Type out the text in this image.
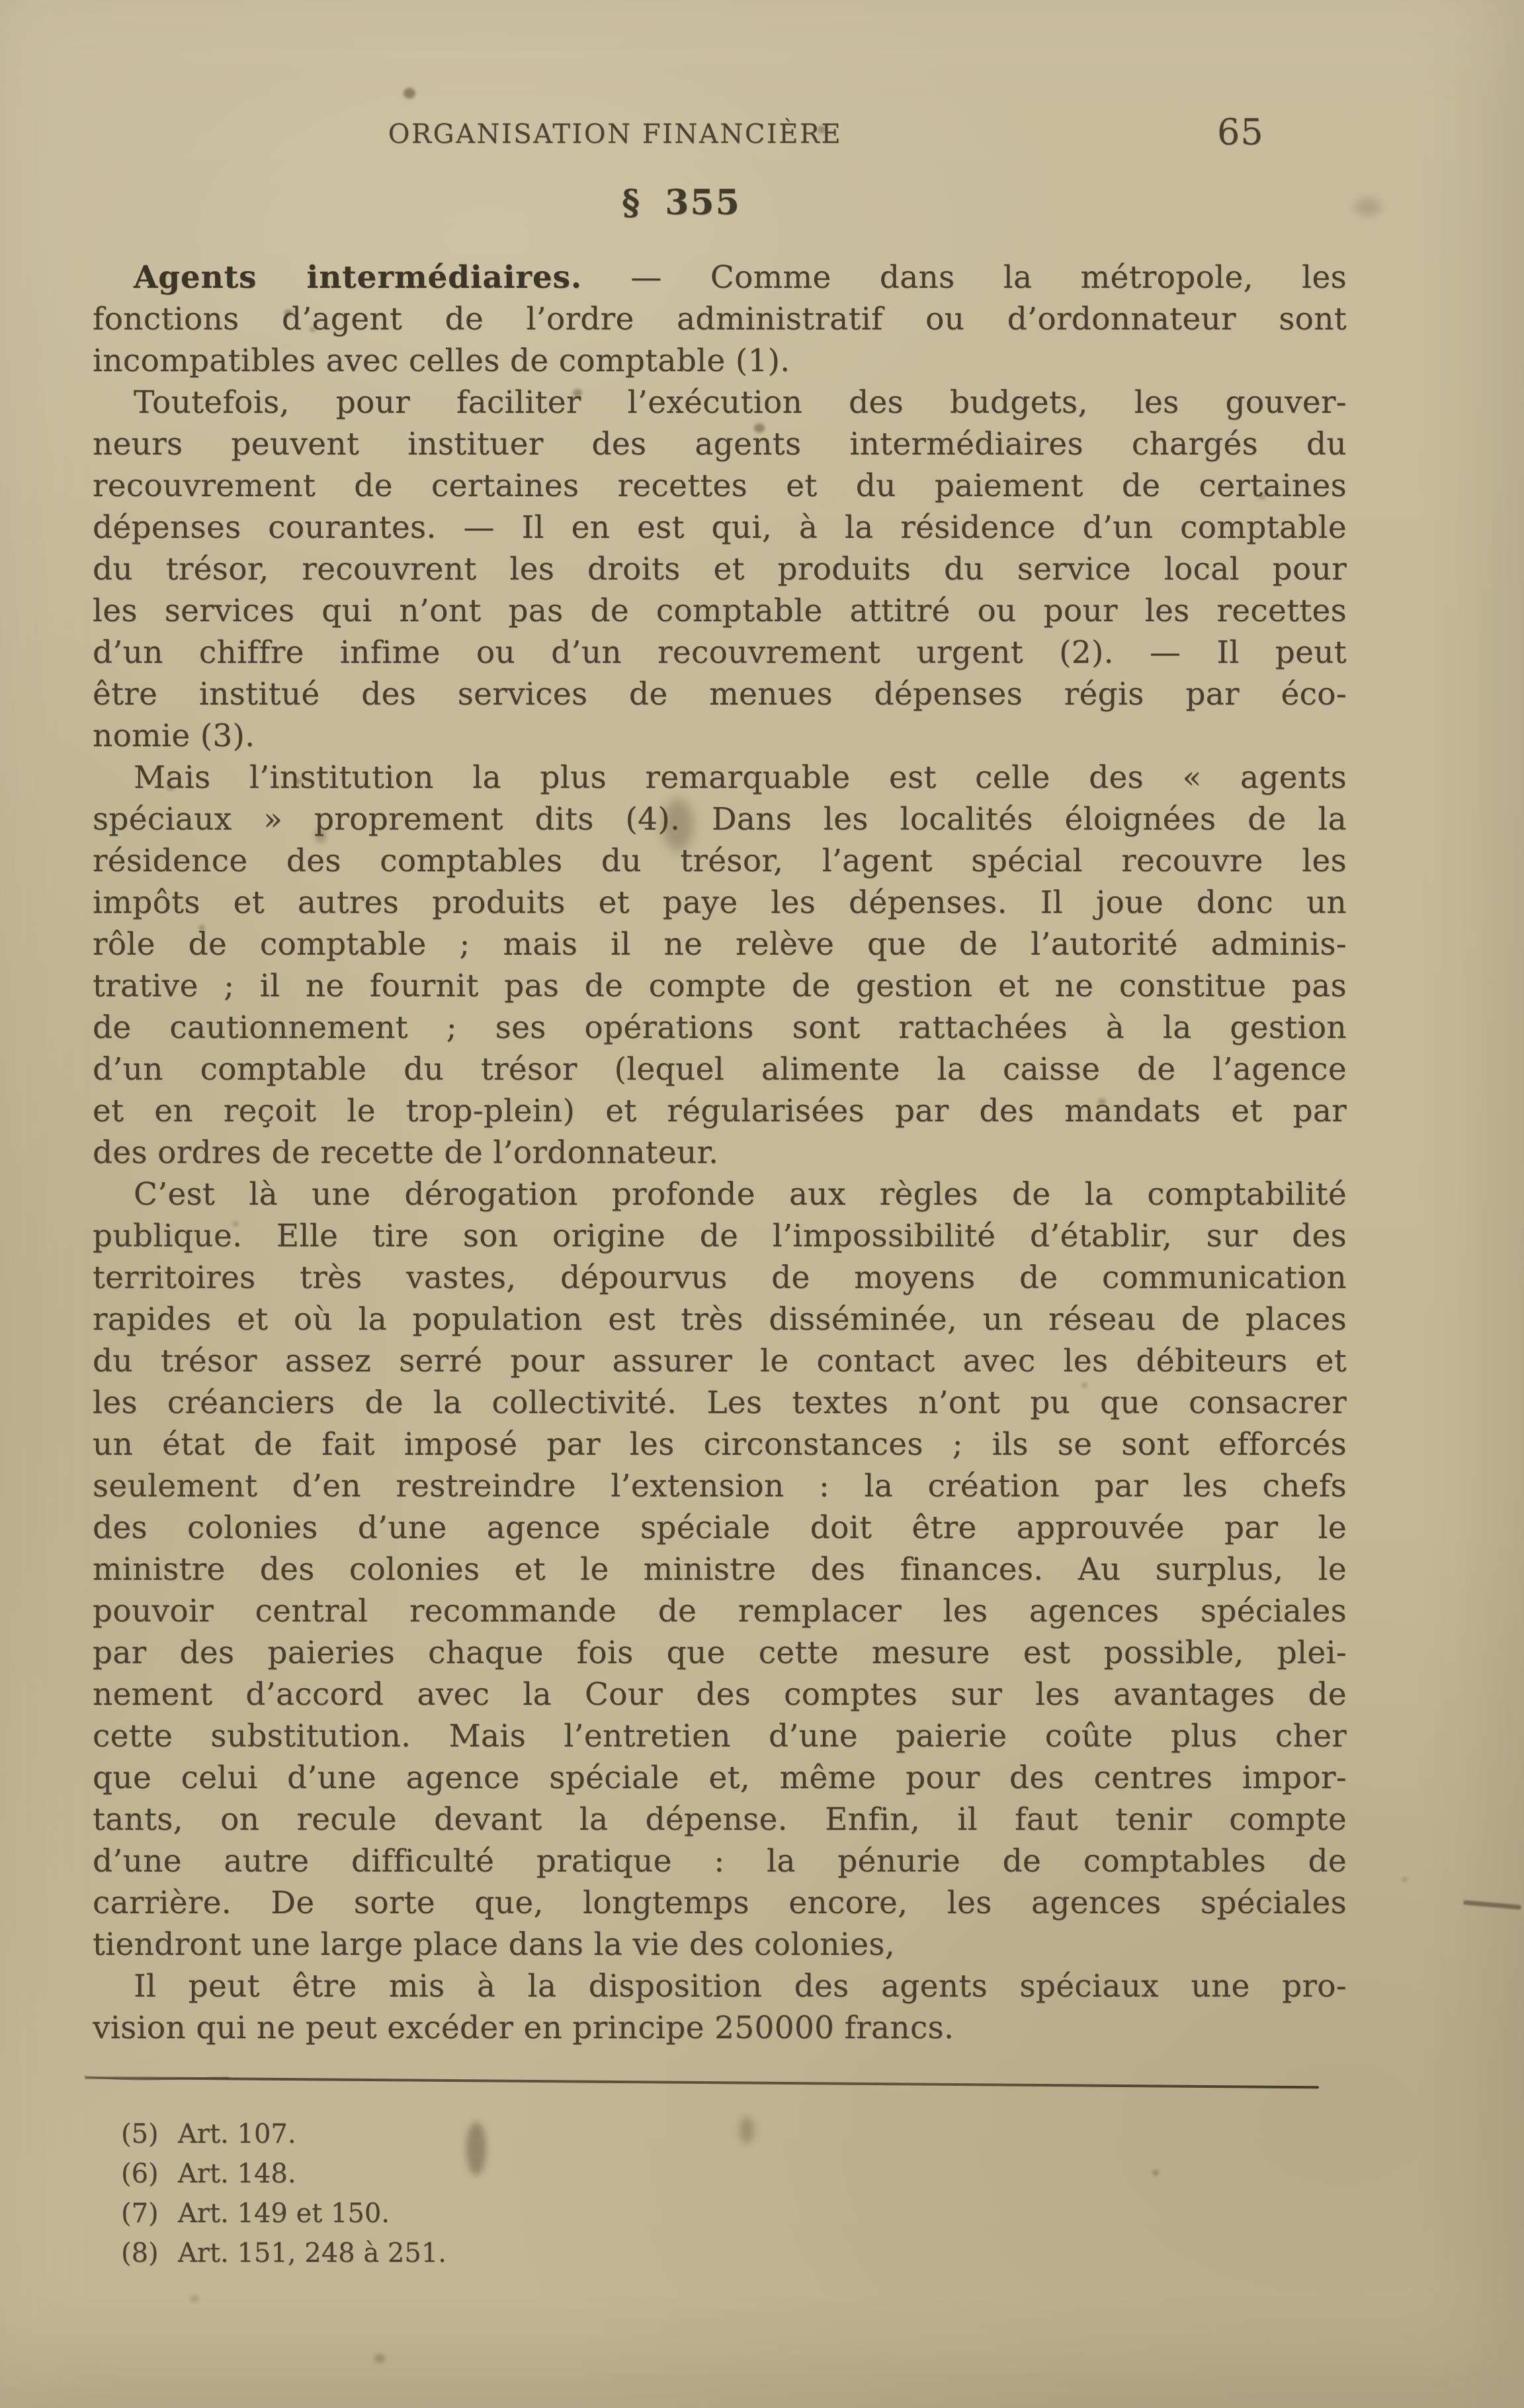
ORGANISATION FINANCIÈRE	65
§ 355
Agents intermédiaires. — Comme dans la métropole, les
fonctions d’agent de l’ordre administratif ou d’ordonnateur sont
incompatibles avec celles de comptable (1).
Toutefois, pour faciliter l’exécution des budgets, les gouver-
neurs peuvent instituer des agents intermédiaires chargés du
recouvrement de certaines recettes et du paiement de certaines
dépenses courantes. — Il en est qui, à la résidence d’un comptable
du trésor, recouvrent les droits et produits du service local pour
les services qui n’ont pas de comptable attitré ou pour les recettes
d’un chiffre infime ou d’un recouvrement urgent (2). — Il peut
être institué des services de menues dépenses régis par éco-
nomie (3).
Mais l’institution la plus remarquable est celle des « agents
spéciaux » proprement dits (4). Dans les localités éloignées de la
résidence des comptables du trésor, l’agent spécial recouvre les
impôts et autres produits et paye les dépenses. Il joue donc un
rôle de comptable ; mais il ne relève que de l’autorité adminis-
trative ; il ne fournit pas de compte de gestion et ne constitue pas
de cautionnement ; ses opérations sont rattachées à la gestion
d’un comptable du trésor (lequel alimente la caisse de l’agence
et en reçoit le trop-plein) et régularisées par des mandats et par
des ordres de recette de l’ordonnateur.
C’est là une dérogation profonde aux règles de la comptabilité
publique. Elle tire son origine de l’impossibilité d’établir, sur des
territoires très vastes, dépourvus de moyens de communication
rapides et où la population est très disséminée, un réseau de places
du trésor assez serré pour assurer le contact avec les débiteurs et
les créanciers de la collectivité. Les textes n’ont pu que consacrer
un état de fait imposé par les circonstances ; ils se sont efforcés
seulement d’en restreindre l’extension : la création par les chefs
des colonies d’une agence spéciale doit être approuvée par le
ministre des colonies et le ministre des finances. Au surplus, le
pouvoir central recommande de remplacer les agences spéciales
par des paieries chaque fois que cette mesure est possible, plei-
nement d’accord avec la Cour des comptes sur les avantages de
cette substitution. Mais l’entretien d’une paierie coûte plus cher
que celui d’une agence spéciale et, même pour des centres impor-
tants, on recule devant la dépense. Enfin, il faut tenir compte
d’une autre difficulté pratique : la pénurie de comptables de
carrière. De sorte que, longtemps encore, les agences spéciales
tiendront une large place dans la vie des colonies,
Il peut être mis à la disposition des agents spéciaux une pro-
vision qui ne peut excéder en principe 250000 francs.
(5) Art. 107.
(6) Art. 148.
(7) Art. 149 et 150.
(8) Art. 151, 248 à 251.
